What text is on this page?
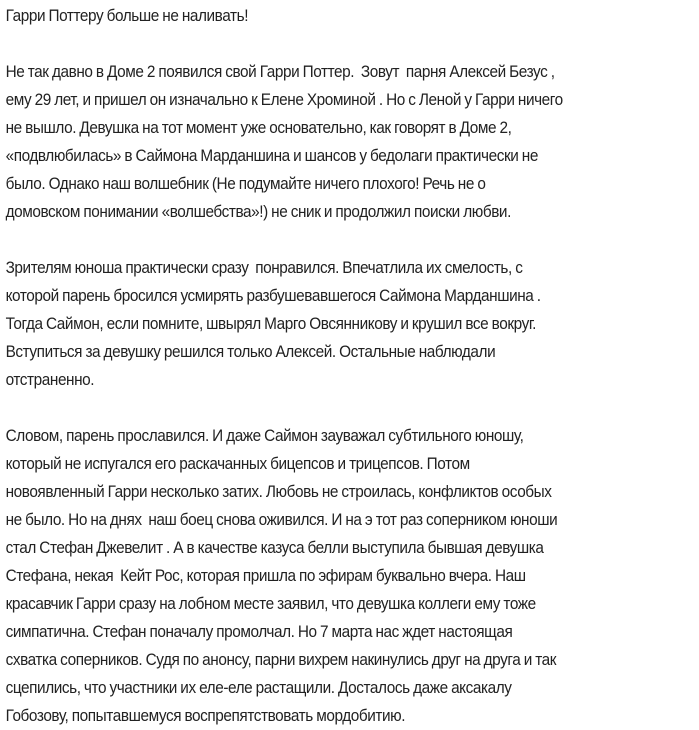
Гарри Поттеру больше не наливать!
Не так давно в Доме 2 появился свой Гарри Поттер.  Зовут  парня Алексей Безус ,
ему 29 лет, и пришел он изначально к Елене Хроминой . Но с Леной у Гарри ничего
не вышло. Девушка на тот момент уже основательно, как говорят в Доме 2,
«подвлюбилась» в Саймона Марданшина и шансов у бедолаги практически не
было. Однако наш волшебник (Не подумайте ничего плохого! Речь не о
домовском понимании «волшебства»!) не сник и продолжил поиски любви.
Зрителям юноша практически сразу  понравился. Впечатлила их смелость, с
которой парень бросился усмирять разбушевавшегося Саймона Марданшина .
Тогда Саймон, если помните, швырял Марго Овсянникову и крушил все вокруг.
Вступиться за девушку решился только Алексей. Остальные наблюдали
отстраненно.
Словом, парень прославился. И даже Саймон зауважал субтильного юношу,
который не испугался его раскачанных бицепсов и трицепсов. Потом
новоявленный Гарри несколько затих. Любовь не строилась, конфликтов особых
не было. Но на днях  наш боец снова оживился. И на э тот раз соперником юноши
стал Стефан Джевелит . А в качестве казуса белли выступила бывшая девушка
Стефана, некая  Кейт Рос, которая пришла по эфирам буквально вчера. Наш
красавчик Гарри сразу на лобном месте заявил, что девушка коллеги ему тоже
симпатична. Стефан поначалу промолчал. Но 7 марта нас ждет настоящая
схватка соперников. Судя по анонсу, парни вихрем накинулись друг на друга и так
сцепились, что участники их еле-еле растащили. Досталось даже аксакалу
Гобозову, попытавшемуся воспрепятствовать мордобитию.
